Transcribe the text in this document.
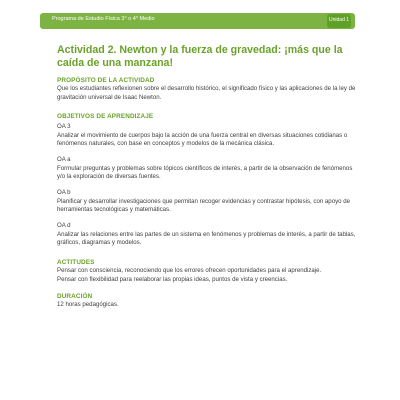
Programa de Estudio Física 3° o 4° Medio	Unidad 1
Actividad 2. Newton y la fuerza de gravedad: ¡más que la caída de una manzana!
PROPÓSITO DE LA ACTIVIDAD
Que los estudiantes reflexionen sobre el desarrollo histórico, el significado físico y las aplicaciones de la ley de gravitación universal de Isaac Newton.
OBJETIVOS DE APRENDIZAJE
OA 3
Analizar el movimiento de cuerpos bajo la acción de una fuerza central en diversas situaciones cotidianas o fenómenos naturales, con base en conceptos y modelos de la mecánica clásica.
OA a
Formular preguntas y problemas sobre tópicos científicos de interés, a partir de la observación de fenómenos y/o la exploración de diversas fuentes.
OA b
Planificar y desarrollar investigaciones que permitan recoger evidencias y contrastar hipótesis, con apoyo de herramientas tecnológicas y matemáticas.
OA d
Analizar las relaciones entre las partes de un sistema en fenómenos y problemas de interés, a partir de tablas, gráficos, diagramas y modelos.
ACTITUDES
Pensar con consciencia, reconociendo que los errores ofrecen oportunidades para el aprendizaje.
Pensar con flexibilidad para reelaborar las propias ideas, puntos de vista y creencias.
DURACIÓN
12 horas pedagógicas.
